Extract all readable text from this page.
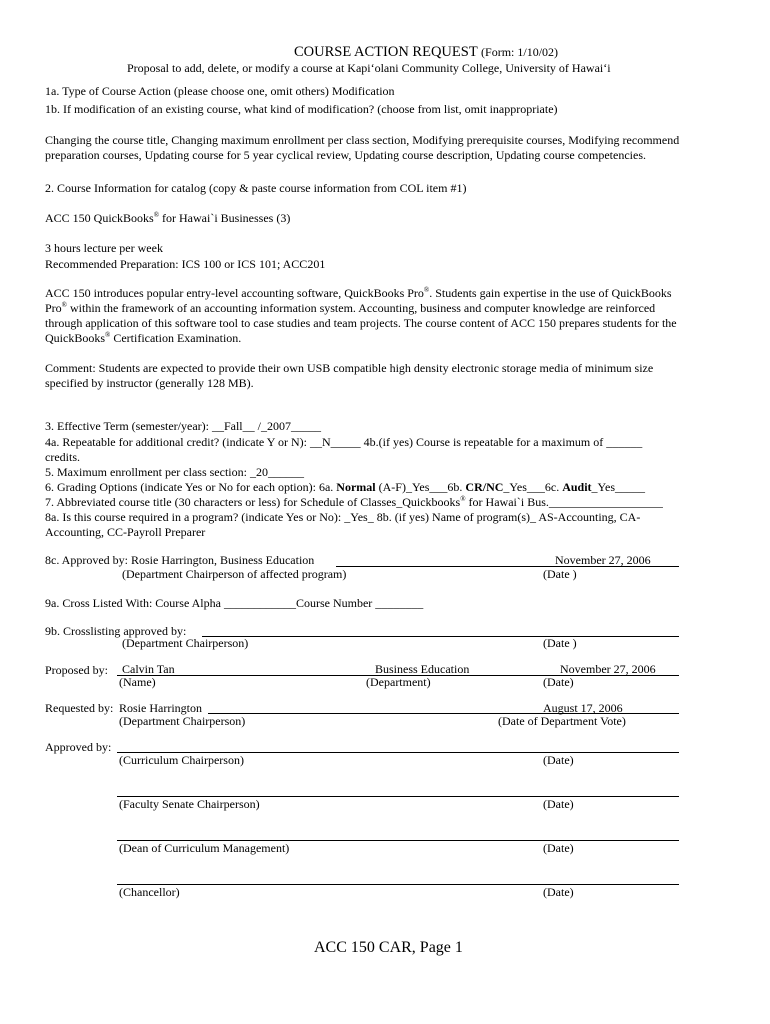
COURSE ACTION REQUEST (Form: 1/10/02)
Proposal to add, delete, or modify a course at Kapi‘olani Community College, University of Hawai‘i
1a. Type of Course Action (please choose one, omit others) Modification
1b. If modification of an existing course, what kind of modification? (choose from list, omit inappropriate)
Changing the course title, Changing maximum enrollment per class section, Modifying prerequisite courses, Modifying recommend
preparation courses, Updating course for 5 year cyclical review, Updating course description, Updating course competencies.
2. Course Information for catalog (copy & paste course information from COL item #1)
ACC 150 QuickBooks® for Hawai`i Businesses (3)
3 hours lecture per week
Recommended Preparation: ICS 100 or ICS 101; ACC201
ACC 150 introduces popular entry-level accounting software, QuickBooks Pro®. Students gain expertise in the use of QuickBooks
Pro® within the framework of an accounting information system. Accounting, business and computer knowledge are reinforced
through application of this software tool to case studies and team projects. The course content of ACC 150 prepares students for the
QuickBooks® Certification Examination.
Comment: Students are expected to provide their own USB compatible high density electronic storage media of minimum size
specified by instructor (generally 128 MB).
3. Effective Term (semester/year): __Fall__ /_2007_____
4a. Repeatable for additional credit? (indicate Y or N): __N_____ 4b.(if yes) Course is repeatable for a maximum of ______
credits.
5. Maximum enrollment per class section: _20______
6. Grading Options (indicate Yes or No for each option): 6a. Normal (A-F)_Yes___6b. CR/NC_Yes___6c. Audit_Yes_____
7. Abbreviated course title (30 characters or less) for Schedule of Classes_Quickbooks® for Hawai`i Bus.___________________
8a. Is this course required in a program? (indicate Yes or No): _Yes_ 8b. (if yes) Name of program(s)_ AS-Accounting, CA-
Accounting, CC-Payroll Preparer
8c. Approved by: Rosie Harrington, Business Education	November 27, 2006
(Department Chairperson of affected program)	(Date )
9a. Cross Listed With: Course Alpha ____________Course Number ________
9b. Crosslisting approved by:
(Department Chairperson)	(Date )
Proposed by: Calvin Tan	Business Education	November 27, 2006
(Name)	(Department)	(Date)
Requested by: Rosie Harrington	August 17, 2006
(Department Chairperson)	(Date of Department Vote)
Approved by:
(Curriculum Chairperson)	(Date)
(Faculty Senate Chairperson)	(Date)
(Dean of Curriculum Management)	(Date)
(Chancellor)	(Date)
ACC 150 CAR, Page 1
